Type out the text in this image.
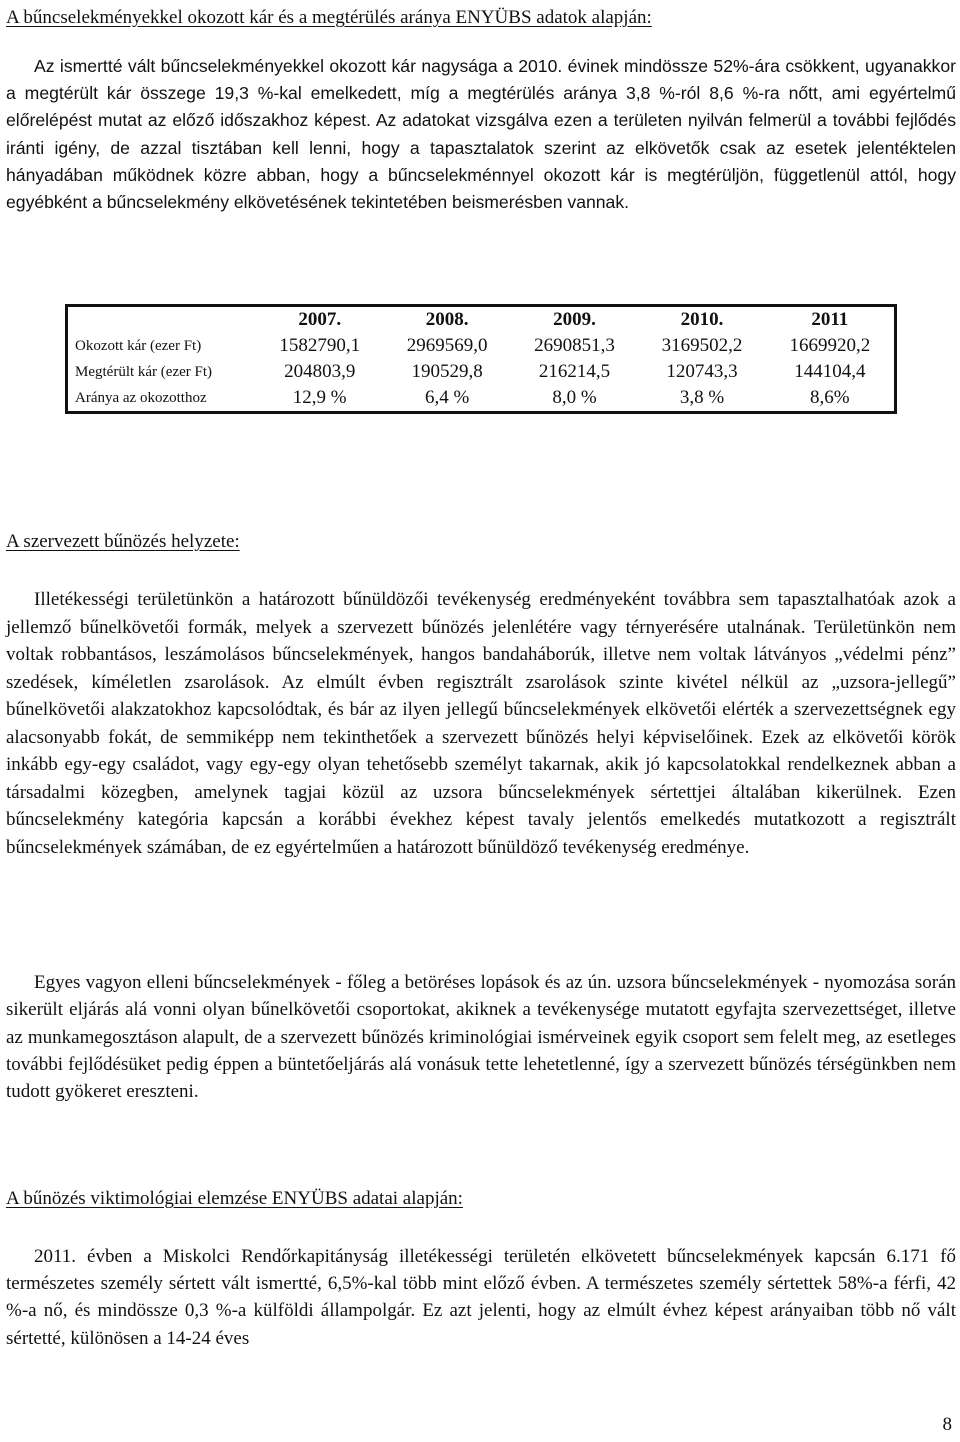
A bűncselekményekkel okozott kár és a megtérülés aránya ENYÜBS adatok alapján:

Az ismertté vált bűncselekményekkel okozott kár nagysága a 2010. évinek mindössze 52%-ára csökkent, ugyanakkor a megtérült kár összege 19,3 %-kal emelkedett, míg a megtérülés aránya 3,8 %-ról 8,6 %-ra nőtt, ami egyértelmű előrelépést mutat az előző időszakhoz képest. Az adatokat vizsgálva ezen a területen nyilván felmerül a további fejlődés iránti igény, de azzal tisztában kell lenni, hogy a tapasztalatok szerint az elkövetők csak az esetek jelentéktelen hányadában működnek közre abban, hogy a bűncselekménnyel okozott kár is megtérüljön, függetlenül attól, hogy egyébként a bűncselekmény elkövetésének tekintetében beismerésben vannak.

	2007.	2008.	2009.	2010.	2011
Okozott kár (ezer Ft)	1582790,1	2969569,0	2690851,3	3169502,2	1669920,2
Megtérült kár (ezer Ft)	204803,9	190529,8	216214,5	120743,3	144104,4
Aránya az okozotthoz	12,9 %	6,4 %	8,0 %	3,8 %	8,6%
A szervezett bűnözés helyzete:

Illetékességi területünkön a határozott bűnüldözői tevékenység eredményeként továbbra sem tapasztalhatóak azok a jellemző bűnelkövetői formák, melyek a szervezett bűnözés jelenlétére vagy térnyerésére utalnának. Területünkön nem voltak robbantásos, leszámolásos bűncselekmények, hangos bandaháborúk, illetve nem voltak látványos „védelmi pénz” szedések, kíméletlen zsarolások. Az elmúlt évben regisztrált zsarolások szinte kivétel nélkül az „uzsora-jellegű” bűnelkövetői alakzatokhoz kapcsolódtak, és bár az ilyen jellegű bűncselekmények elkövetői elérték a szervezettségnek egy alacsonyabb fokát, de semmiképp nem tekinthetőek a szervezett bűnözés helyi képviselőinek. Ezek az elkövetői körök inkább egy-egy családot, vagy egy-egy olyan tehetősebb személyt takarnak, akik jó kapcsolatokkal rendelkeznek abban a társadalmi közegben, amelynek tagjai közül az uzsora bűncselekmények sértettjei általában kikerülnek. Ezen bűncselekmény kategória kapcsán a korábbi évekhez képest tavaly jelentős emelkedés mutatkozott a regisztrált bűncselekmények számában, de ez egyértelműen a határozott bűnüldöző tevékenység eredménye.

Egyes vagyon elleni bűncselekmények - főleg a betöréses lopások és az ún. uzsora bűncselekmények - nyomozása során sikerült eljárás alá vonni olyan bűnelkövetői csoportokat, akiknek a tevékenysége mutatott egyfajta szervezettséget, illetve az munkamegosztáson alapult, de a szervezett bűnözés kriminológiai ismérveinek egyik csoport sem felelt meg, az esetleges további fejlődésüket pedig éppen a büntetőeljárás alá vonásuk tette lehetetlenné, így a szervezett bűnözés térségünkben nem tudott gyökeret ereszteni.

A bűnözés viktimológiai elemzése ENYÜBS adatai alapján:

2011. évben a Miskolci Rendőrkapitányság illetékességi területén elkövetett bűncselekmények kapcsán 6.171 fő természetes személy sértett vált ismertté, 6,5%-kal több mint előző évben. A természetes személy sértettek 58%-a férfi, 42 %-a nő, és mindössze 0,3 %-a külföldi állampolgár. Ez azt jelenti, hogy az elmúlt évhez képest arányaiban több nő vált sértetté, különösen a 14-24 éves

8
